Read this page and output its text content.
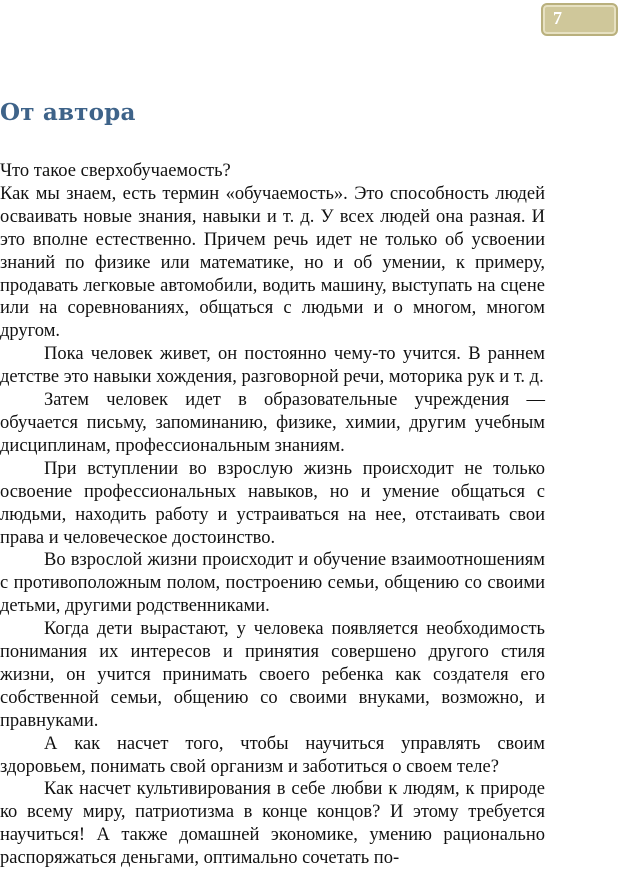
7
От автора

Что такое сверхобучаемость?

Как мы знаем, есть термин «обучаемость». Это способность людей осваивать новые знания, навыки и т. д. У всех людей она разная. И это вполне естественно. Причем речь идет не только об усвоении знаний по физике или математике, но и об умении, к примеру, продавать легковые автомобили, водить машину, выступать на сцене или на соревнованиях, общаться с людьми и о многом, многом другом.

Пока человек живет, он постоянно чему-то учится. В раннем детстве это навыки хождения, разговорной речи, моторика рук и т. д.

Затем человек идет в образовательные учреждения — обучается письму, запоминанию, физике, химии, другим учебным дисциплинам, профессиональным знаниям.

При вступлении во взрослую жизнь происходит не только освоение профессиональных навыков, но и умение общаться с людьми, находить работу и устраиваться на нее, отстаивать свои права и человеческое достоинство.

Во взрослой жизни происходит и обучение взаимоотношениям с противоположным полом, построению семьи, общению со своими детьми, другими родственниками.

Когда дети вырастают, у человека появляется необходимость понимания их интересов и принятия совершено другого стиля жизни, он учится принимать своего ребенка как создателя его собственной семьи, общению со своими внуками, возможно, и правнуками.

А как насчет того, чтобы научиться управлять своим здоровьем, понимать свой организм и заботиться о своем теле?

Как насчет культивирования в себе любви к людям, к природе ко всему миру, патриотизма в конце концов? И этому требуется научиться! А также домашней экономике, умению рационально распоряжаться деньгами, оптимально сочетать по-
